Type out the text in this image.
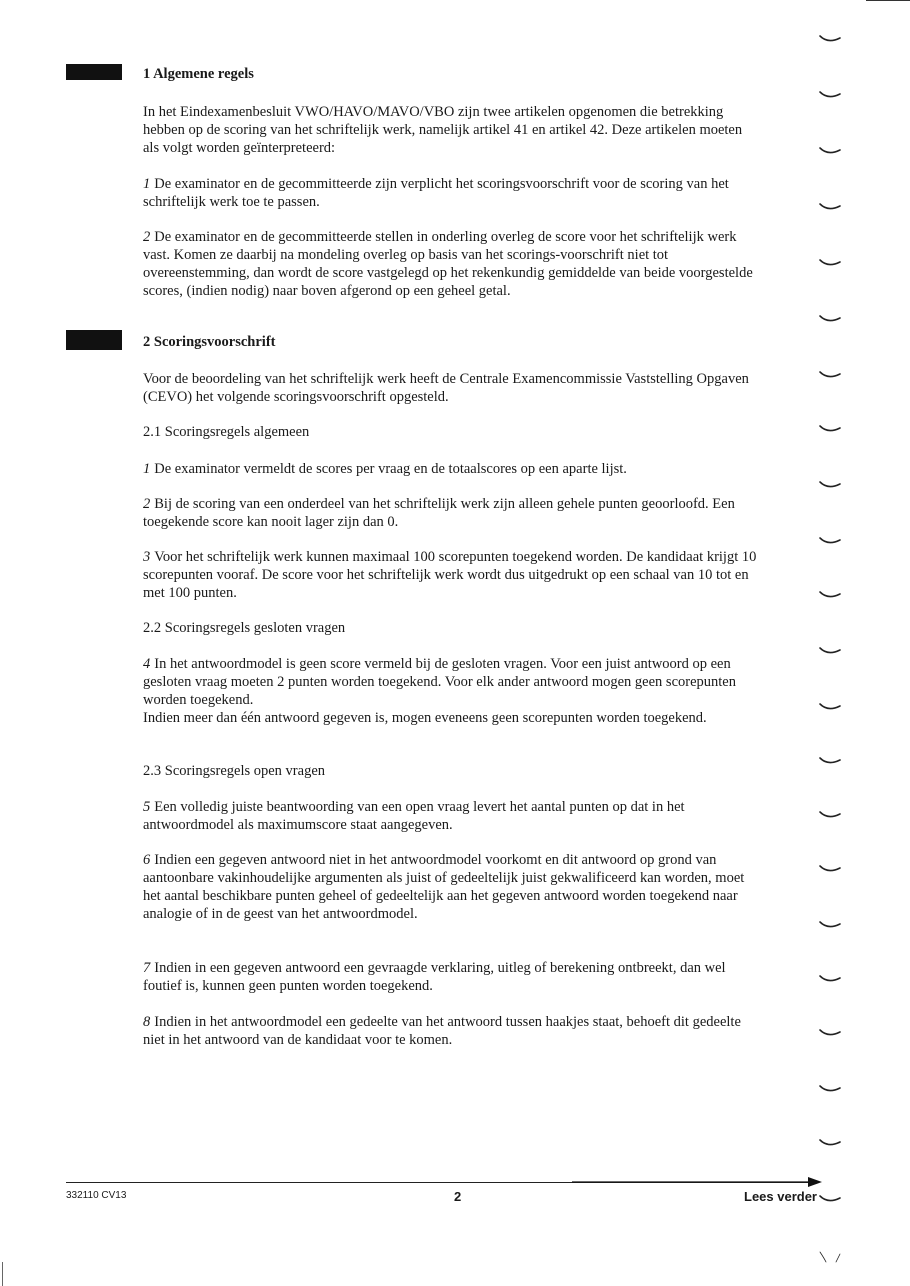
1 Algemene regels

In het Eindexamenbesluit VWO/HAVO/MAVO/VBO zijn twee artikelen opgenomen die betrekking hebben op de scoring van het schriftelijk werk, namelijk artikel 41 en artikel 42. Deze artikelen moeten als volgt worden geïnterpreteerd:

1 De examinator en de gecommitteerde zijn verplicht het scoringsvoorschrift voor de scoring van het schriftelijk werk toe te passen.

2 De examinator en de gecommitteerde stellen in onderling overleg de score voor het schriftelijk werk vast. Komen ze daarbij na mondeling overleg op basis van het scorings-voorschrift niet tot overeenstemming, dan wordt de score vastgelegd op het rekenkundig gemiddelde van beide voorgestelde scores, (indien nodig) naar boven afgerond op een geheel getal.

2 Scoringsvoorschrift

Voor de beoordeling van het schriftelijk werk heeft de Centrale Examencommissie Vaststelling Opgaven (CEVO) het volgende scoringsvoorschrift opgesteld.

2.1 Scoringsregels algemeen

1 De examinator vermeldt de scores per vraag en de totaalscores op een aparte lijst.

2 Bij de scoring van een onderdeel van het schriftelijk werk zijn alleen gehele punten geoorloofd. Een toegekende score kan nooit lager zijn dan 0.

3 Voor het schriftelijk werk kunnen maximaal 100 scorepunten toegekend worden. De kandidaat krijgt 10 scorepunten vooraf. De score voor het schriftelijk werk wordt dus uitgedrukt op een schaal van 10 tot en met 100 punten.

2.2 Scoringsregels gesloten vragen

4 In het antwoordmodel is geen score vermeld bij de gesloten vragen. Voor een juist antwoord op een gesloten vraag moeten 2 punten worden toegekend. Voor elk ander antwoord mogen geen scorepunten worden toegekend.

Indien meer dan één antwoord gegeven is, mogen eveneens geen scorepunten worden toegekend.

2.3 Scoringsregels open vragen

5 Een volledig juiste beantwoording van een open vraag levert het aantal punten op dat in het antwoordmodel als maximumscore staat aangegeven.

6 Indien een gegeven antwoord niet in het antwoordmodel voorkomt en dit antwoord op grond van aantoonbare vakinhoudelijke argumenten als juist of gedeeltelijk juist gekwalificeerd kan worden, moet het aantal beschikbare punten geheel of gedeeltelijk aan het gegeven antwoord worden toegekend naar analogie of in de geest van het antwoordmodel.

7 Indien in een gegeven antwoord een gevraagde verklaring, uitleg of berekening ontbreekt, dan wel foutief is, kunnen geen punten worden toegekend.

8 Indien in het antwoordmodel een gedeelte van het antwoord tussen haakjes staat, behoeft dit gedeelte niet in het antwoord van de kandidaat voor te komen.

332110 CV13	2	Lees verder
